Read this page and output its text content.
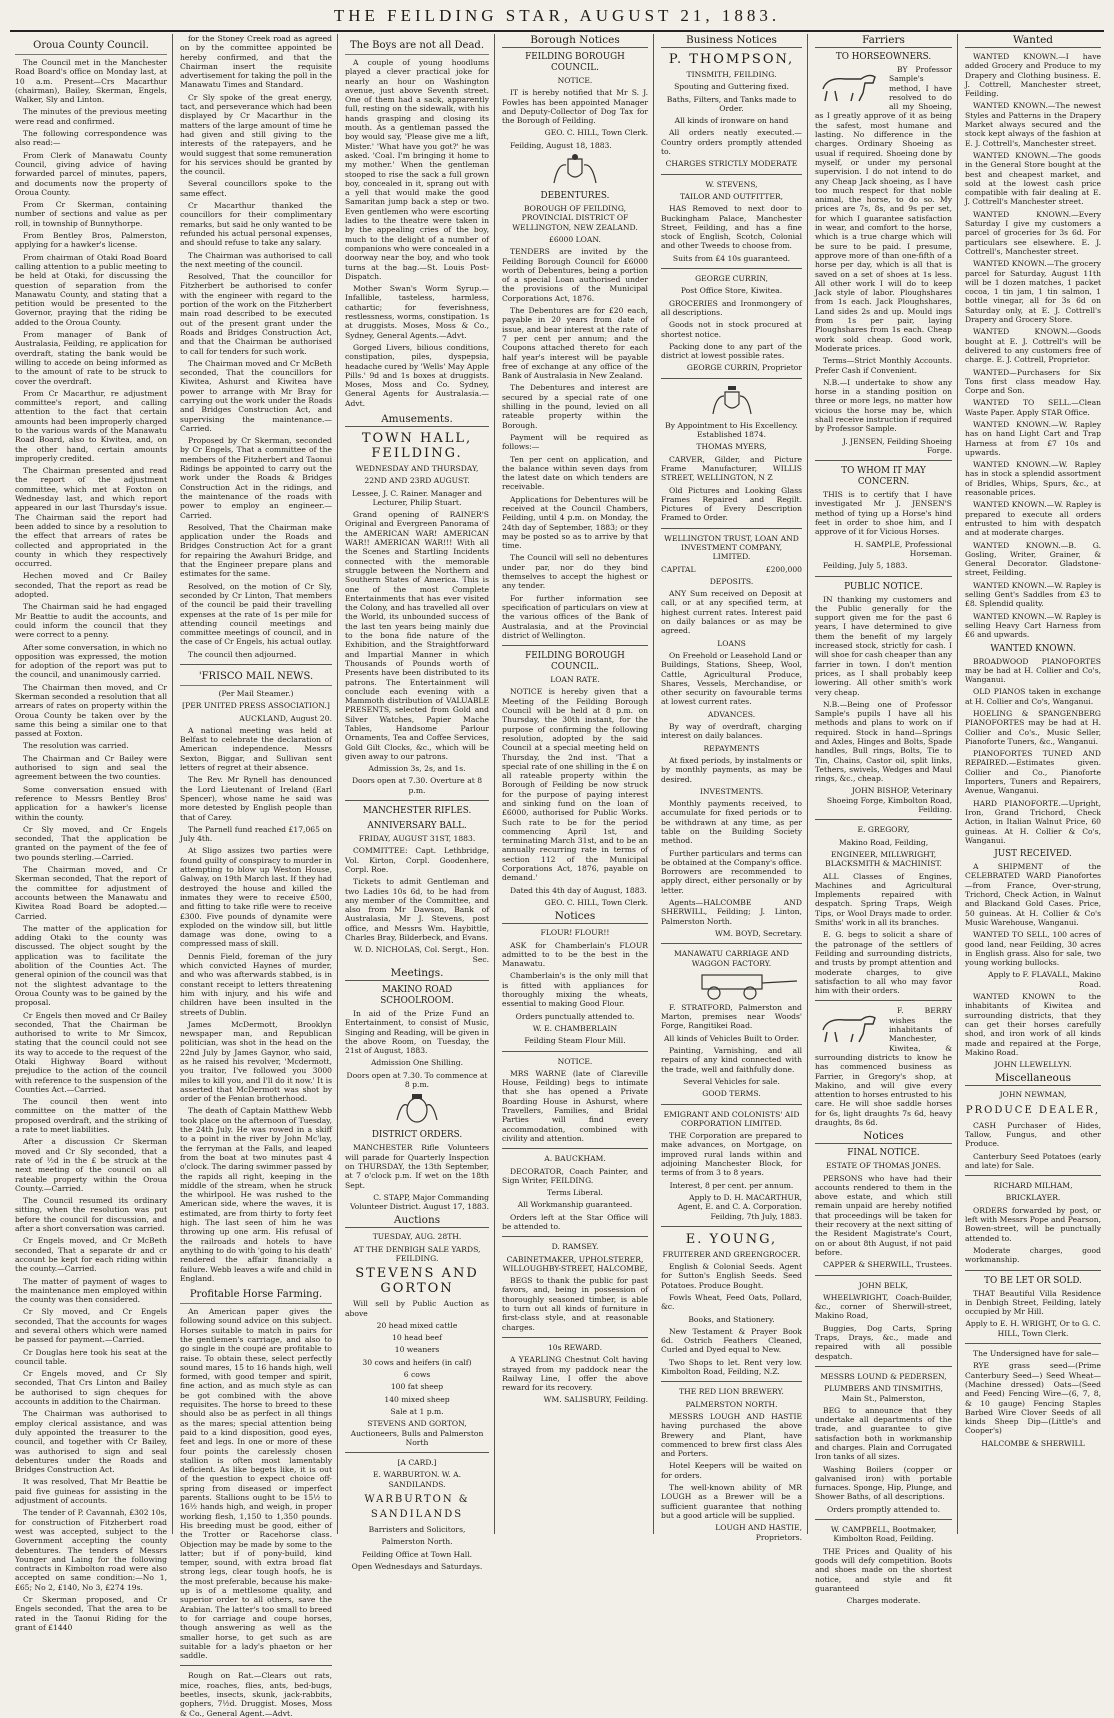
THE FEILDING STAR, AUGUST 21, 1883.
Oroua County Council.

The Council met in the Manchester Road Board's office on Monday last, at 10 a.m. Present—Crs Macarthur (chairman), Bailey, Skerman, Engels, Walker, Sly and Linton.

The minutes of the previous meeting were read and confirmed.

The following correspondence was also read:—

From Clerk of Manawatu County Council, giving advice of having forwarded parcel of minutes, papers, and documents now the property of Oroua County.

From Cr Skerman, containing number of sections and value as per roll, in township of Bunnythorpe.

From Bentley Bros, Palmerston, applying for a hawker's license.

From chairman of Otaki Road Board calling attention to a public meeting to be held at Otaki, for discussing the question of separation from the Manawatu County, and stating that a petition would be presented to the Governor, praying that the riding be added to the Oroua County.

From manager of Bank of Australasia, Feilding, re application for overdraft, stating the bank would be willing to accede on being informed as to the amount of rate to be struck to cover the overdraft.

From Cr Macarthur, re adjustment committee's report, and calling attention to the fact that certain amounts had been improperly charged to the various wards of the Manawatu Road Board, also to Kiwitea, and, on the other hand, certain amounts improperly credited.

The Chairman presented and read the report of the adjustment committee, which met at Foxton on Wednesday last, and which report appeared in our last Thursday's issue. The Chairman said the report had been added to since by a resolution to the effect that arrears of rates be collected and appropriated in the county in which they respectively occurred.

Hechen moved and Cr Bailey seconded, That the report as read be adopted.

The Chairman said he had engaged Mr Beattie to audit the accounts, and could inform the council that they were correct to a penny.

After some conversation, in which no opposition was expressed, the motion for adoption of the report was put to the council, and unanimously carried.

The Chairman then moved, and Cr Skerman seconded a resolution that all arrears of rates on property within the Oroua County be taken over by the same this being a similar one to that passed at Foxton.

The resolution was carried.

The Chairman and Cr Bailey were authorised to sign and seal the agreement between the two counties.

Some conversation ensued with reference to Messrs Bentley Bros' application for a hawker's license within the county.

Cr Sly moved, and Cr Engels seconded, That the application be granted on the payment of the fee of two pounds sterling.—Carried.

The Chairman moved, and Cr Skerman seconded, That the report of the committee for adjustment of accounts between the Manawatu and Kiwitea Road Board be adopted.—Carried.

The matter of the application for adding Otaki to the county was discussed. The object sought by the application was to facilitate the abolition of the Counties Act. The general opinion of the council was that not the slightest advantage to the Oroua County was to be gained by the proposal.

Cr Engels then moved and Cr Bailey seconded, That the Chairman be authorised to write to Mr Simcox, stating that the council could not see its way to accede to the request of the Otaki Highway Board without prejudice to the action of the council with reference to the suspension of the Counties Act.—Carried.

The council then went into committee on the matter of the proposed overdraft, and the striking of a rate to meet liabilities.

After a discussion Cr Skerman moved and Cr Sly seconded, that a rate of ½d in the £ be struck at the next meeting of the council on all rateable property within the Oroua County.—Carried.

The Council resumed its ordinary sitting, when the resolution was put before the council for discussion, and after a short conversation was carried.

Cr Engels moved, and Cr McBeth seconded, That a separate dr and cr account be kept for each riding within the county.—Carried.

The matter of payment of wages to the maintenance men employed within the county was then considered.

Cr Sly moved, and Cr Engels seconded, That the accounts for wages and several others which were named be passed for payment.—Carried.

Cr Douglas here took his seat at the council table.

Cr Engels moved, and Cr Sly seconded, That Crs Linton and Bailey be authorised to sign cheques for accounts in addition to the Chairman.

The Chairman was authorised to employ clerical assistance, and was duly appointed the treasurer to the council, and together with Cr Bailey, was authorised to sign and seal debentures under the Roads and Bridges Construction Act.

It was resolved, That Mr Beattie be paid five guineas for assisting in the adjustment of accounts.

The tender of P. Cavannah, £302 10s, for construction of Fitzherbert road west was accepted, subject to the Government accepting the county debentures. The tenders of Messrs Younger and Laing for the following contracts in Kimbolton road were also accepted on same condition:—No 1, £65; No 2, £140, No 3, £274 19s.

Cr Skerman proposed, and Cr Engels seconded, That the area to be rated in the Taonui Riding for the grant of £1440

for the Stoney Creek road as agreed on by the committee appointed be hereby confirmed, and that the Chairman insert the requisite advertisement for taking the poll in the Manawatu Times and Standard.

Cr Sly spoke of the great energy, tact, and perseverance which had been displayed by Cr Macarthur in the matters of the large amount of time he had given and still giving to the interests of the ratepayers, and he would suggest that some remuneration for his services should be granted by the council.

Several councillors spoke to the same effect.

Cr Macarthur thanked the councillors for their complimentary remarks, but said he only wanted to be refunded his actual personal expenses, and should refuse to take any salary.

The Chairman was authorised to call the next meeting of the council.

Resolved, That the councillor for Fitzherbert be authorised to confer with the engineer with regard to the portion of the work on the Fitzherbert main road described to be executed out of the present grant under the Roads and Bridges Construction Act, and that the Chairman be authorised to call for tenders for such work.

The Chairman moved and Cr McBeth seconded, That the councillors for Kiwitea, Ashurst and Kiwitea have power to arrange with Mr Bray for carrying out the work under the Roads and Bridges Construction Act, and supervising the maintenance.—Carried.

Proposed by Cr Skerman, seconded by Cr Engels, That a committee of the members of the Fitzherbert and Taonui Ridings be appointed to carry out the work under the Roads & Bridges Construction Act in the ridings, and the maintenance of the roads with power to employ an engineer.—Carried.

Resolved, That the Chairman make application under the Roads and Bridges Construction Act for a grant for repairing the Awahuri Bridge, and that the Engineer prepare plans and estimates for the same.

Resolved, on the motion of Cr Sly, seconded by Cr Linton, That members of the council be paid their travelling expenses at the rate of 1s per mile for attending council meetings and committee meetings of council, and in the case of Cr Engels, his actual outlay.

The council then adjourned.

'FRISCO MAIL NEWS.

(Per Mail Steamer.)

[PER UNITED PRESS ASSOCIATION.]

AUCKLAND, August 20.

A national meeting was held at Belfast to celebrate the declaration of American independence. Messrs Sexton, Biggar, and Sullivan sent letters of regret at their absence.

The Rev. Mr Rynell has denounced the Lord Lieutenant of Ireland (Earl Spencer), whose name he said was more detested by English people than that of Carey.

The Parnell fund reached £17,065 on July 4th.

At Sligo assizes two parties were found guilty of conspiracy to murder in attempting to blow up Weston House, Galway, on 19th March last. If they had destroyed the house and killed the inmates they were to receive £500, and fitting to take rifle were to receive £300. Five pounds of dynamite were exploded on the window sill, but little damage was done, owing to a compressed mass of skill.

Dennis Field, foreman of the jury which convicted Haynes of murder, and who was afterwards stabbed, is in constant receipt to letters threatening him with injury, and his wife and children have been insulted in the streets of Dublin.

James McDermott, Brooklyn newspaper man, and Republican politician, was shot in the head on the 22nd July by James Gaynor, who said, as he raised his revolver, 'Mcdermott, you traitor, I've followed you 3000 miles to kill you, and I'll do it now.' It is asserted that McDermott was shot by order of the Fenian brotherhood.

The death of Captain Matthew Webb took place on the afternoon of Tuesday, the 24th July. He was rowed in a skiff to a point in the river by John Mc'lay, the ferryman at the Falls, and leaped from the boat at two minutes past 4 o'clock. The daring swimmer passed by the rapids all right, keeping in the middle of the stream, when he struck the whirlpool. He was rushed to the American side, where the waves, it is estimated, are from thirty to forty feet high. The last seen of him he was throwing up one arm. His refusal of the railroads and hotels to have anything to do with 'going to his death' rendered the affair financially a failure. Webb leaves a wife and child in England.

Profitable Horse Farming.

An American paper gives the following sound advice on this subject. Horses suitable to match in pairs for the gentlemen's carriage, and also to go single in the coupé are profitable to raise. To obtain these, select perfectly sound mares, 15 to 16 hands high, well formed, with good temper and spirit, fine action, and as much style as can be got combined with the above requisites. The horse to breed to these should also be as perfect in all things as the mares; special attention being paid to a kind disposition, good eyes, feet and legs. In one or more of these four points the carelessly chosen stallion is often most lamentably deficient. As like begets like, it is out of the question to expect choice off-spring from diseased or imperfect parents. Stallions ought to be 15½ to 16½ hands high, and weigh, in proper working flesh, 1,150 to 1,350 pounds. His breeding must be good, either of the Trotter or Racehorse class. Objection may be made by some to the latter; but if of pony-build, kind temper, sound, with extra broad flat strong legs, clear tough hoofs, he is the most preferable, because his make-up is of a mettlesome quality, and superior order to all others, save the Arabian. The latter's too small to breed to for carriage and coupe horses, though answering as well as the smaller horse, to get such as are suitable for a lady's phaeton or her saddle.

Rough on Rat.—Clears out rats, mice, roaches, flies, ants, bed-bugs, beetles, insects, skunk, jack-rabbits, gophers, 7½d. Druggist. Moses, Moss & Co., General Agent.—Advt.

The Boys are not all Dead.

A couple of young hoodlums played a clever practical joke for nearly an hour on Washington avenue, just above Seventh street. One of them had a sack, apparently full, resting on the sidewalk, with his hands grasping and closing its mouth. As a gentleman passed the boy would say, 'Please give me a lift, Mister.' 'What have you got?' he was asked. 'Coal. I'm bringing it home to my mother.' When the gentleman stooped to rise the sack a full grown boy, concealed in it, sprang out with a yell that would make the good Samaritan jump back a step or two. Even gentlemen who were escorting ladies to the theatre were taken in by the appealing cries of the boy, much to the delight of a number of companions who were concealed in a doorway near the boy, and who took turns at the bag.—St. Louis Post-Dispatch.

Mother Swan's Worm Syrup.—Infallible, tasteless, harmless, cathartic; for feverishness, restlessness, worms, constipation. 1s at druggists. Moses, Moss & Co., Sydney, General Agents.—Advt.

Gorged Livers, bilious conditions, constipation, piles, dyspepsia, headache cured by 'Wells' May Apple Pills.' 9d and 1s boxes at druggists. Moses, Moss and Co. Sydney, General Agents for Australasia.—Advt.

Amusements.

TOWN HALL, FEILDING.

WEDNESDAY AND THURSDAY,

22ND AND 23RD AUGUST.

Lessee, J. C. Rainer. Manager and Lecturer, Philip Stuart.

Grand opening of RAINER'S Original and Evergreen Panorama of the AMERICAN WAR! AMERICAN WAR!! AMERICAN WAR!!! With all the Scenes and Startling Incidents connected with the memorable struggle between the Northern and Southern States of America. This is one of the most Complete Entertainments that has ever visited the Colony, and has travelled all over the World, its unbounded success of the last ten years being mainly due to the bona fide nature of the Exhibition, and the Straightforward and Impartial Manner in which Thousands of Pounds worth of Presents have been distributed to its patrons. The Entertainment will conclude each evening with a Mammoth distribution of VALUABLE PRESENTS, selected from Gold and Silver Watches, Papier Mache Tables, Handsome Parlour Ornaments, Tea and Coffee Services, Gold Gilt Clocks, &c., which will be given away to our patrons.

Admission 3s, 2s, and 1s.

Doors open at 7.30. Overture at 8 p.m.

MANCHESTER RIFLES.
ANNIVERSARY BALL.

FRIDAY, AUGUST 31ST, 1883.

COMMITTEE: Capt. Lethbridge, Vol. Kirton, Corpl. Goodenhere, Corpl. Roe.

Tickets to admit Gentleman and two Ladies 10s 6d, to be had from any member of the Committee, and also from Mr Dawson, Bank of Australasia, Mr J. Stevens, post office, and Messrs Wm. Haybittle, Charles Bray, Bilderbeck, and Evans.

W. D. NICHOLAS, Col. Sergt., Hon. Sec.

Meetings.
MAKINO ROAD SCHOOLROOM.

In aid of the Prize Fund an Entertainment, to consist of Music, Singing and Reading, will be given in the above Room, on Tuesday, the 21st of August, 1883.

Admission One Shilling.

Doors open at 7.30. To commence at 8 p.m.

DISTRICT ORDERS.

MANCHESTER Rifle Volunteers will parade for Quarterly Inspection on THURSDAY, the 13th September, at 7 o'clock p.m. If wet on the 18th Sept.

C. STAPP, Major Commanding Volunteer District. August 17, 1883.

Auctions

TUESDAY, AUG. 28TH.

AT THE DENBIGH SALE YARDS, FEILDING.

STEVENS AND GORTON

Will sell by Public Auction as above

20 head mixed cattle

10 head beef

10 weaners

30 cows and heifers (in calf)

6 cows

100 fat sheep

140 mixed sheep

Sale at 1 p.m.

STEVENS AND GORTON, Auctioneers, Bulls and Palmerston North

[A CARD.]

E. WARBURTON. W. A. SANDILANDS.

WARBURTON & SANDILANDS

Barristers and Solicitors,

Palmerston North.

Feilding Office at Town Hall.

Open Wednesdays and Saturdays.

Borough Notices
FEILDING BOROUGH COUNCIL.

NOTICE.

IT is hereby notified that Mr S. J. Fowles has been appointed Manager and Deputy-Collector of Dog Tax for the Borough of Feilding.

GEO. C. HILL, Town Clerk.

Feilding, August 18, 1883.

DEBENTURES.

BOROUGH OF FEILDING, PROVINCIAL DISTRICT OF WELLINGTON, NEW ZEALAND.

£6000 LOAN.

TENDERS are invited by the Feilding Borough Council for £6000 worth of Debentures, being a portion of a special Loan authorised under the provisions of the Municipal Corporations Act, 1876.

The Debentures are for £20 each, payable in 20 years from date of issue, and bear interest at the rate of 7 per cent per annum; and the Coupons attached thereto for each half year's interest will be payable free of exchange at any office of the Bank of Australasia in New Zealand.

The Debentures and interest are secured by a special rate of one shilling in the pound, levied on all rateable property within the Borough.

Payment will be required as follows:—

Ten per cent on application, and the balance within seven days from the latest date on which tenders are receivable.

Applications for Debentures will be received at the Council Chambers, Feilding, until 4 p.m. on Monday, the 24th day of September, 1883; or they may be posted so as to arrive by that time.

The Council will sell no debentures under par, nor do they bind themselves to accept the highest or any tender.

For further information see specification of particulars on view at the various offices of the Bank of Australasia, and at the Provincial district of Wellington.

FEILDING BOROUGH COUNCIL.

LOAN RATE.

NOTICE is hereby given that a Meeting of the Feilding Borough Council will be held at 8 p.m. on Thursday, the 30th instant, for the purpose of confirming the following resolution, adopted by the said Council at a special meeting held on Thursday, the 2nd inst. 'That a special rate of one shilling in the £ on all rateable property within the Borough of Feilding be now struck for the purpose of paying interest and sinking fund on the loan of £6000, authorised for Public Works. Such rate to be for the period commencing April 1st, and terminating March 31st, and to be an annually recurring rate in terms of section 112 of the Municipal Corporations Act, 1876, payable on demand.'

Dated this 4th day of August, 1883.

GEO. C. HILL, Town Clerk.

Notices

FLOUR! FLOUR!!

ASK for Chamberlain's FLOUR admitted to to be the best in the Manawatu.

Chamberlain's is the only mill that is fitted with appliances for thoroughly mixing the wheats, essential to making Good Flour.

Orders punctually attended to.

W. E. CHAMBERLAIN

Feilding Steam Flour Mill.

NOTICE.

MRS WARNE (late of Clareville House, Feilding) begs to intimate that she has opened a Private Boarding House in Ashurst, where Travellers, Families, and Bridal Parties will find every accommodation, combined with civility and attention.

A. BAUCKHAM.

DECORATOR, Coach Painter, and Sign Writer, FEILDING.

Terms Liberal.

All Workmanship guaranteed.

Orders left at the Star Office will be attended to.

D. RAMSEY.

CABINETMAKER, UPHOLSTERER, WILLOUGHBY-STREET, HALCOMBE,

BEGS to thank the public for past favors, and, being in possession of thoroughly seasoned timber, is able to turn out all kinds of furniture in first-class style, and at reasonable charges.

10s REWARD.

A YEARLING Chestnut Colt having strayed from my paddock near the Railway Line, I offer the above reward for its recovery.

WM. SALISBURY, Feilding.

Business Notices

P. THOMPSON,

TINSMITH, FEILDING.

Spouting and Guttering fixed.

Baths, Filters, and Tanks made to Order.

All kinds of ironware on hand

All orders neatly executed.—Country orders promptly attended to.

CHARGES STRICTLY MODERATE

W. STEVENS,

TAILOR AND OUTFITTER,

HAS Removed to next door to Buckingham Palace, Manchester Street, Feilding, and has a fine stock of English, Scotch, Colonial and other Tweeds to choose from.

Suits from £4 10s guaranteed.

GEORGE CURRIN,

Post Office Store, Kiwitea.

GROCERIES and Ironmongery of all descriptions.

Goods not in stock procured at shortest notice.

Packing done to any part of the district at lowest possible rates.

GEORGE CURRIN, Proprietor

By Appointment to His Excellency. Established 1874.

THOMAS MYERS,

CARVER, Gilder, and Picture Frame Manufacturer, WILLIS STREET, WELLINGTON, N Z

Old Pictures and Looking Glass Frames Repaired and Regilt. Pictures of Every Description Framed to Order.

WELLINGTON TRUST, LOAN AND INVESTMENT COMPANY, LIMITED.

CAPITAL	£200,000

DEPOSITS.

ANY Sum received on Deposit at call, or at any specified term, at highest current rates. Interest paid on daily balances or as may be agreed.

LOANS

On Freehold or Leasehold Land or Buildings, Stations, Sheep, Wool, Cattle, Agricultural Produce, Shares, Vessels, Merchandise, or other security on favourable terms at lowest current rates.

ADVANCES.

By way of overdraft, charging interest on daily balances.

REPAYMENTS

At fixed periods, by instalments or by monthly payments, as may be desired.

INVESTMENTS.

Monthly payments received, to accumulate for fixed periods or to be withdrawn at any time, as per table on the Building Society method.

Further particulars and terms can be obtained at the Company's office. Borrowers are recommended to apply direct, either personally or by letter.

Agents—HALCOMBE AND SHERWILL, Feilding; J. Linton, Palmerston North.

WM. BOYD, Secretary.

MANAWATU CARRIAGE AND WAGGON FACTORY.

F. STRATFORD, Palmerston and Marton, premises near Woods' Forge, Rangitikei Road.

All kinds of Vehicles Built to Order.

Painting, Varnishing, and all repairs of any kind connected with the trade, well and faithfully done.

Several Vehicles for sale.

GOOD TERMS.

EMIGRANT AND COLONISTS' AID CORPORATION LIMITED.

THE Corporation are prepared to make advances, on Mortgage, on improved rural lands within and adjoining Manchester Block, for terms of from 3 to 8 years.

Interest, 8 per cent. per annum.

Apply to D. H. MACARTHUR, Agent, E. and C. A. Corporation. Feilding, 7th July, 1883.

E. YOUNG,

FRUITERER AND GREENGROCER.

English & Colonial Seeds. Agent for Sutton's English Seeds. Seed Potatoes. Produce Bought.

Fowls Wheat, Feed Oats, Pollard, &c.

Books, and Stationery.

New Testament & Prayer Book 6d. Ostrich Feathers Cleaned, Curled and Dyed equal to New.

Two Shops to let. Rent very low. Kimbolton Road, Feilding, N.Z.

THE RED LION BREWERY.

PALMERSTON NORTH.

MESSRS LOUGH AND HASTIE having purchased the above Brewery and Plant, have commenced to brew first class Ales and Porters.

Hotel Keepers will be waited on for orders.

The well-known ability of MR LOUGH as a Brewer will be a sufficient guarantee that nothing but a good article will be supplied.

LOUGH AND HASTIE, Proprietors.

Farriers
TO HORSEOWNERS.

BY Professor Sample's method, I have resolved to do all my Shoeing, as I greatly approve of it as being the safest, most humane and lasting. No difference in the charges. Ordinary Shoeing as usual if required. Shoeing done by myself, or under my personal supervision. I do not intend to do any Cheap Jack shoeing, as I have too much respect for that noble animal, the horse, to do so. My prices are 7s, 8s, and 9s per set, for which I guarantee satisfaction in wear, and comfort to the horse, which is a true charge which will be sure to be paid. I presume, approve more of than one-fifth of a horse per day, which is all that is saved on a set of shoes at 1s less. All other work I will do to keep Jack style of labor. Ploughshares from 1s each. Jack Ploughshares, Land sides 2s and up. Mould ings from 1s per pair, laying Ploughshares from 1s each. Cheap work sold cheap. Good work, Moderate prices.

Terms—Strict Monthly Accounts. Prefer Cash if Convenient.

N.B.—I undertake to show any horse in a standing position on three or more legs, no matter how vicious the horse may be, which shall receive instruction if required by Professor Sample.

J. JENSEN, Feilding Shoeing Forge.

TO WHOM IT MAY CONCERN.

THIS is to certify that I have investigated Mr J. JENSEN'S method of tying up a Horse's hind feet in order to shoe him, and I approve of it for Vicious Horses.

H. SAMPLE, Professional Horseman.

Feilding, July 5, 1883.

PUBLIC NOTICE.

IN thanking my customers and the Public generally for the support given me for the past 6 years, I have determined to give them the benefit of my largely increased stock, strictly for cash. I will shoe for cash cheaper than any farrier in town. I don't mention prices, as I shall probably keep lowering. All other smith's work very cheap.

N.B.—Being one of Professor Sample's pupils I have all his methods and plans to work on if required. Stock in hand—Springs and Axles, Hinges and Bolts, Spade handles, Bull rings, Bolts, Tie to Tin, Chains, Castor oil, split links, Tethers, swivels, Wedges and Maul rings, &c., cheap.

JOHN BISHOP, Veterinary Shoeing Forge, Kimbolton Road, Feilding.

E. GREGORY,

Makino Road, Feilding,

ENGINEER, MILLWRIGHT, BLACKSMITH & MACHINIST.

ALL Classes of Engines, Machines and Agricultural Implements repaired with despatch. Spring Traps, Weigh Tips, or Wool Drays made to order. Smiths' work in all its branches.

E. G. begs to solicit a share of the patronage of the settlers of Feilding and surrounding districts, and trusts by prompt attention and moderate charges, to give satisfaction to all who may favor him with their orders.

F. BERRY wishes the inhabitants of Manchester, Kiwitea, & surrounding districts to know he has commenced business as Farrier, in Gregory's shop, at Makino, and will give every attention to horses entrusted to his care. He will shoe saddle horses for 6s, light draughts 7s 6d, heavy draughts, 8s 6d.

Notices
FINAL NOTICE.

ESTATE OF THOMAS JONES.

PERSONS who have had their accounts rendered to them in the above estate, and which still remain unpaid are hereby notified that proceedings will be taken for their recovery at the next sitting of the Resident Magistrate's Court, on or about 8th August, if not paid before.

CAPPER & SHERWILL, Trustees.

JOHN BELK,

WHEELWRIGHT, Coach-Builder, &c., corner of Sherwill-street, Makino Road,

Buggies, Dog Carts, Spring Traps, Drays, &c., made and repaired with all possible despatch.

MESSRS LOUND & PEDERSEN,

PLUMBERS AND TINSMITHS, Main St., Palmerston,

BEG to announce that they undertake all departments of the trade, and guarantee to give satisfaction both in workmanship and charges. Plain and Corrugated Iron tanks of all sizes.

Washing Boilers (copper or galvanised iron) with portable furnaces. Sponge, Hip, Plunge, and Shower Baths, of all descriptions.

Orders promptly attended to.

W. CAMPBELL, Bootmaker, Kimbolton Road, Feilding.

THE Prices and Quality of his goods will defy competition. Boots and shoes made on the shortest notice, and style and fit guaranteed

Charges moderate.

Wanted

WANTED KNOWN.—I have added Grocery and Produce to my Drapery and Clothing business. E. J. Cottrell, Manchester street, Feilding.

WANTED KNOWN.—The newest Styles and Patterns in the Drapery Market always secured and the stock kept always of the fashion at E. J. Cottrell's, Manchester street.

WANTED KNOWN.—The goods in the General Store bought at the best and cheapest market, and sold at the lowest cash price compatible with fair dealing at E. J. Cottrell's Manchester street.

WANTED KNOWN.—Every Saturday I give my customers a parcel of groceries for 3s 6d. For particulars see elsewhere. E. J. Cottrell's, Manchester street.

WANTED KNOWN.—The grocery parcel for Saturday, August 11th will be 1 dozen matches, 1 packet cocoa, 1 tin jam, 1 tin salmon, 1 bottle vinegar, all for 3s 6d on Saturday only, at E. J. Cottrell's Drapery and Grocery Store.

WANTED KNOWN.—Goods bought at E. J. Cottrell's will be delivered to any customers free of charge. E. J. Cottrell, Proprietor.

WANTED—Purchasers for Six Tons first class meadow Hay. Corpe and Son.

WANTED TO SELL.—Clean Waste Paper. Apply STAR Office.

WANTED KNOWN.—W. Rapley has on hand Light Cart and Trap Harness at from £7 10s and upwards.

WANTED KNOWN.—W. Rapley has in stock a splendid assortment of Bridles, Whips, Spurs, &c., at reasonable prices.

WANTED KNOWN.—W. Rapley is prepared to execute all orders entrusted to him with despatch and at moderate charges.

WANTED KNOWN.—B. G. Gosling, Writer, Grainer, & General Decorator. Gladstone-street, Feilding.

WANTED KNOWN.—W. Rapley is selling Gent's Saddles from £3 to £8. Splendid quality.

WANTED KNOWN.—W. Rapley is selling Heavy Cart Harness from £6 and upwards.

WANTED KNOWN.

BROADWOOD PIANOFORTES may be had at H. Collier and Co's, Wanganui.

OLD PIANOS taken in exchange at H. Collier and Co's, Wanganui.

HOELING & SPANGENBERG PIANOFORTES may be had at H. Collier and Co's., Music Seller, Pianoforte Tuners, &c., Wanganui.

PIANOFORTES TUNED AND REPAIRED.—Estimates given. Collier and Co., Pianoforte Importers, Tuners and Repairers, Avenue, Wanganui.

HARD PIANOFORTE.—Upright, Iron, Grand Trichord, Check Action, in Italian Walnut Price, 60 guineas. At H. Collier & Co's, Wanganui.

JUST RECEIVED.

A SHIPMENT of the CELEBRATED WARD Pianofortes—from France, Over-strung, Trichord, Check Action, in Walnut and Blackand Gold Cases. Price, 50 guineas. At H. Collier & Co's Music Warehouse, Wanganui.

WANTED TO SELL, 100 acres of good land, near Feilding, 30 acres in English grass. Also for sale, two young working bullocks.

Apply to F. FLAVALL, Makino Road.

WANTED KNOWN to the inhabitants of Kiwitea and surrounding districts, that they can get their horses carefully shod, and iron work of all kinds made and repaired at the Forge, Makino Road.

JOHN LLEWELLYN.

Miscellaneous

JOHN NEWMAN,

PRODUCE DEALER,

CASH Purchaser of Hides, Tallow, Fungus, and other Produce.

Canterbury Seed Potatoes (early and late) for Sale.

RICHARD MILHAM,

BRICKLAYER.

ORDERS forwarded by post, or left with Messrs Pope and Pearson, Bowen-street, will be punctually attended to.

Moderate charges, good workmanship.

TO BE LET OR SOLD.

THAT Beautiful Villa Residence in Denbigh Street, Feilding, lately occupied by Mr Hill.

Apply to E. H. WRIGHT, Or to G. C. HILL, Town Clerk.

The Undersigned have for sale—

RYE grass seed—(Prime Canterbury Seed—) Seed Wheat—(Machine dressed) Oats—(Seed and Feed) Fencing Wire—(6, 7, 8, & 10 gauge) Fencing Staples Barbed Wire Clover Seeds of all kinds Sheep Dip—(Little's and Cooper's)

HALCOMBE & SHERWILL
